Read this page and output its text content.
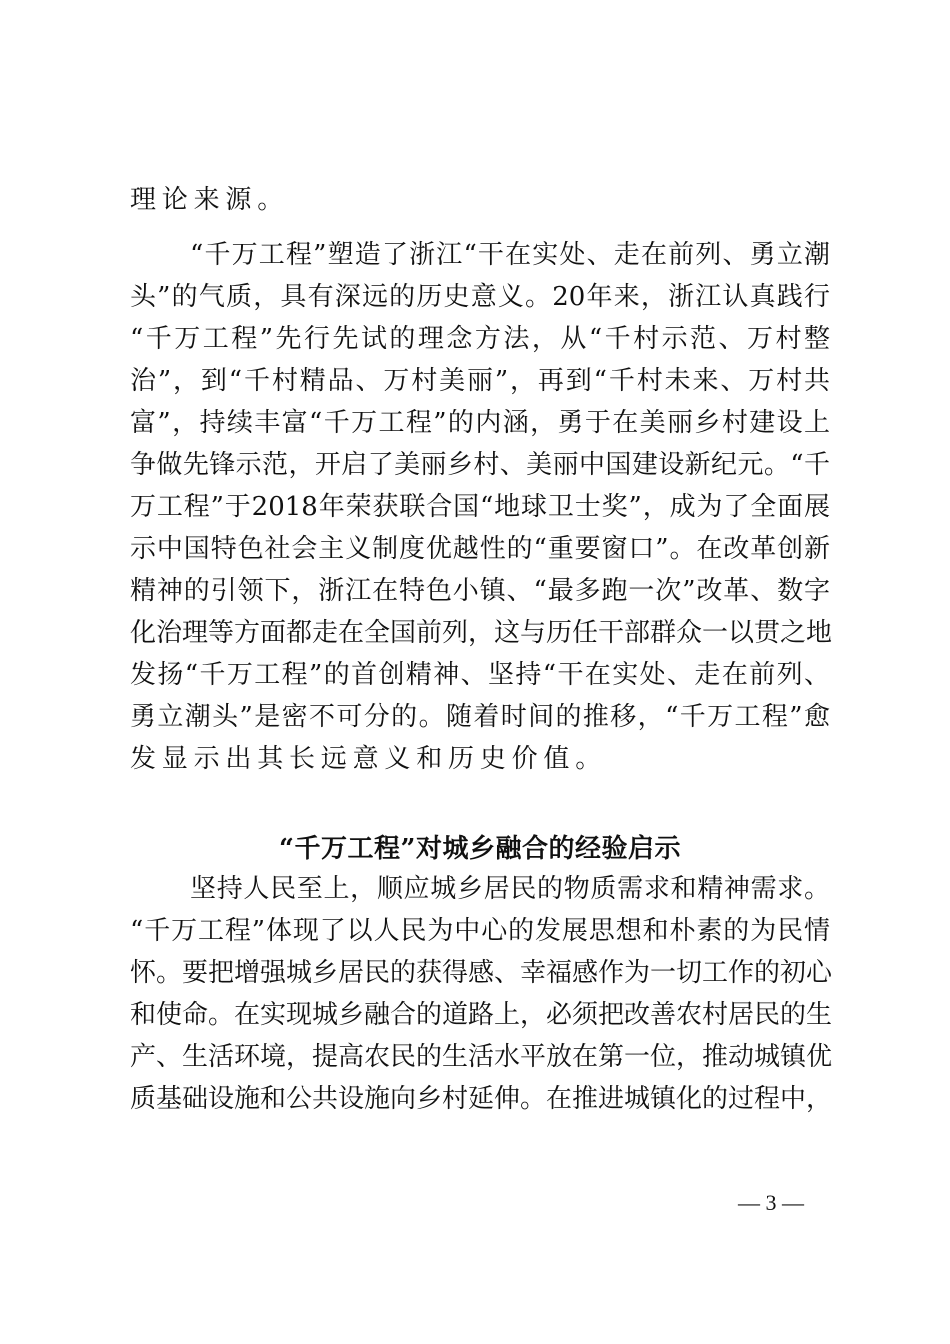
理论来源。
“千万工程”塑造了浙江“干在实处、走在前列、勇立潮
头”的气质，具有深远的历史意义。20年来，浙江认真践行
“千万工程”先行先试的理念方法，从“千村示范、万村整
治”，到“千村精品、万村美丽”，再到“千村未来、万村共
富”，持续丰富“千万工程”的内涵，勇于在美丽乡村建设上
争做先锋示范，开启了美丽乡村、美丽中国建设新纪元。“千
万工程”于2018年荣获联合国“地球卫士奖”，成为了全面展
示中国特色社会主义制度优越性的“重要窗口”。在改革创新
精神的引领下，浙江在特色小镇、“最多跑一次”改革、数字
化治理等方面都走在全国前列，这与历任干部群众一以贯之地
发扬“千万工程”的首创精神、坚持“干在实处、走在前列、
勇立潮头”是密不可分的。随着时间的推移，“千万工程”愈
发显示出其长远意义和历史价值。
“千万工程”对城乡融合的经验启示
坚持人民至上，顺应城乡居民的物质需求和精神需求。
“千万工程”体现了以人民为中心的发展思想和朴素的为民情
怀。要把增强城乡居民的获得感、幸福感作为一切工作的初心
和使命。在实现城乡融合的道路上，必须把改善农村居民的生
产、生活环境，提高农民的生活水平放在第一位，推动城镇优
质基础设施和公共设施向乡村延伸。在推进城镇化的过程中，
— 3 —
